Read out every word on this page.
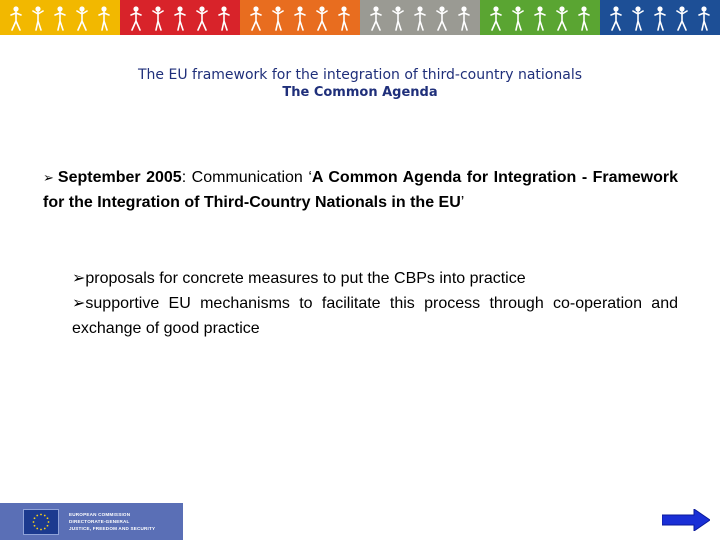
The EU framework for the integration of third-country nationals
The Common Agenda
➢ September 2005: Communication ‘A Common Agenda for Integration - Framework for the Integration of Third-Country Nationals in the EU’

➢proposals for concrete measures to put the CBPs into practice

➢supportive EU mechanisms to facilitate this process through co-operation and exchange of good practice

EUROPEAN COMMISSION
DIRECTORATE-GENERAL
JUSTICE, FREEDOM AND SECURITY
